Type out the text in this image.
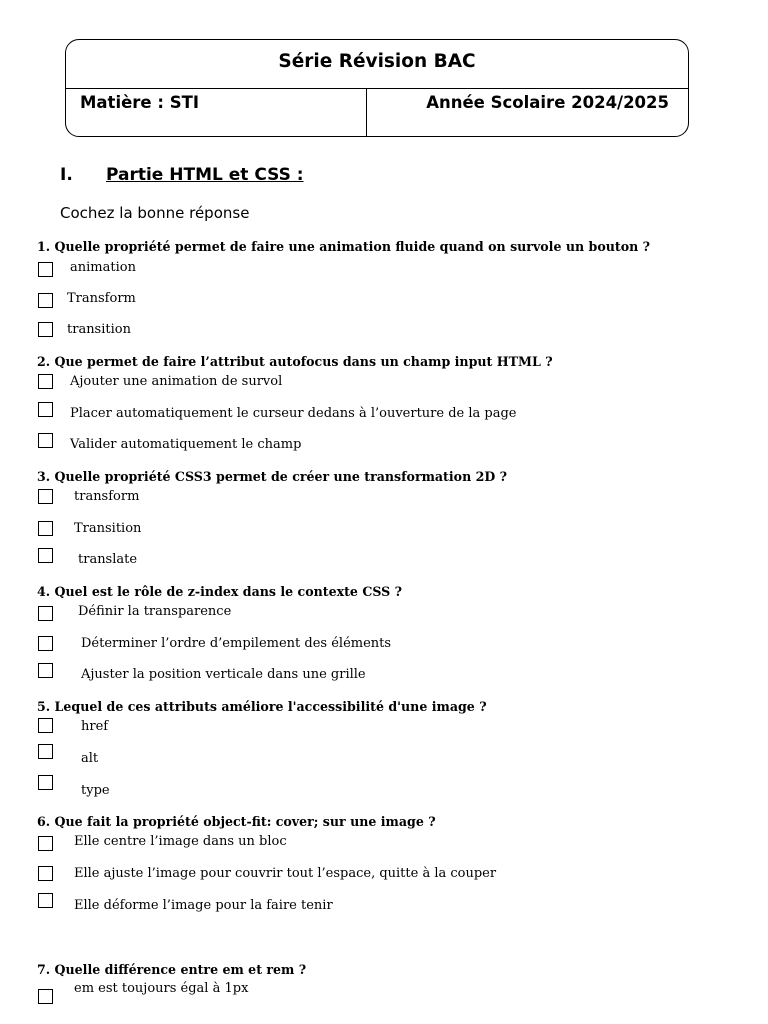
Série Révision BAC
Matière : STI	Année Scolaire 2024/2025
I. Partie HTML et CSS :
Cochez la bonne réponse
1. Quelle propriété permet de faire une animation fluide quand on survole un bouton ?
animation
Transform
transition
2. Que permet de faire l’attribut autofocus dans un champ input HTML ?
Ajouter une animation de survol
Placer automatiquement le curseur dedans à l’ouverture de la page
Valider automatiquement le champ
3. Quelle propriété CSS3 permet de créer une transformation 2D ?
transform
Transition
translate
4. Quel est le rôle de z-index dans le contexte CSS ?
Définir la transparence
Déterminer l’ordre d’empilement des éléments
Ajuster la position verticale dans une grille
5. Lequel de ces attributs améliore l'accessibilité d'une image ?
href
alt
type
6. Que fait la propriété object-fit: cover; sur une image ?
Elle centre l’image dans un bloc
Elle ajuste l’image pour couvrir tout l’espace, quitte à la couper
Elle déforme l’image pour la faire tenir
7. Quelle différence entre em et rem ?
em est toujours égal à 1px
